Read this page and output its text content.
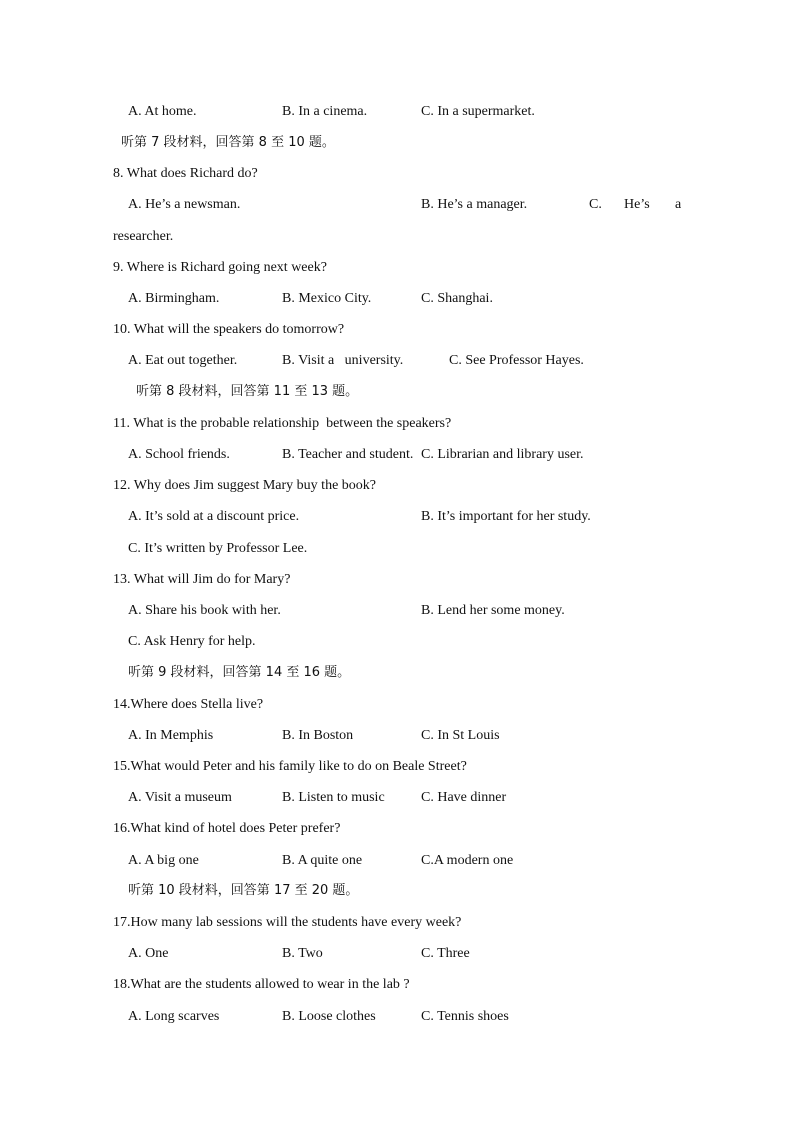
A. At home.	B. In a cinema.	C. In a supermarket.
听第 7 段材料，回答第 8 至 10 题。
8. What does Richard do?
A. He’s a newsman.	B. He’s a manager.	C. He’s a
researcher.
9. Where is Richard going next week?
A. Birmingham.	B. Mexico City.	C. Shanghai.
10. What will the speakers do tomorrow?
A. Eat out together.	B. Visit a   university.	C. See Professor Hayes.
听第 8 段材料，回答第 11 至 13 题。
11. What is the probable relationship  between the speakers?
A. School friends.	B. Teacher and student. C. Librarian and library user.
12. Why does Jim suggest Mary buy the book?
A. It’s sold at a discount price.	B. It’s important for her study.
C. It’s written by Professor Lee.
13. What will Jim do for Mary?
A. Share his book with her.	B. Lend her some money.
C. Ask Henry for help.
听第 9 段材料，回答第 14 至 16 题。
14.Where does Stella live?
A. In Memphis	B. In Boston	C. In St Louis
15.What would Peter and his family like to do on Beale Street?
A. Visit a museum	B. Listen to music	C. Have dinner
16.What kind of hotel does Peter prefer?
A. A big one	B. A quite one	C.A modern one
听第 10 段材料，回答第 17 至 20 题。
17.How many lab sessions will the students have every week?
A. One	B. Two	C. Three
18.What are the students allowed to wear in the lab ?
A. Long scarves	B. Loose clothes	C. Tennis shoes
